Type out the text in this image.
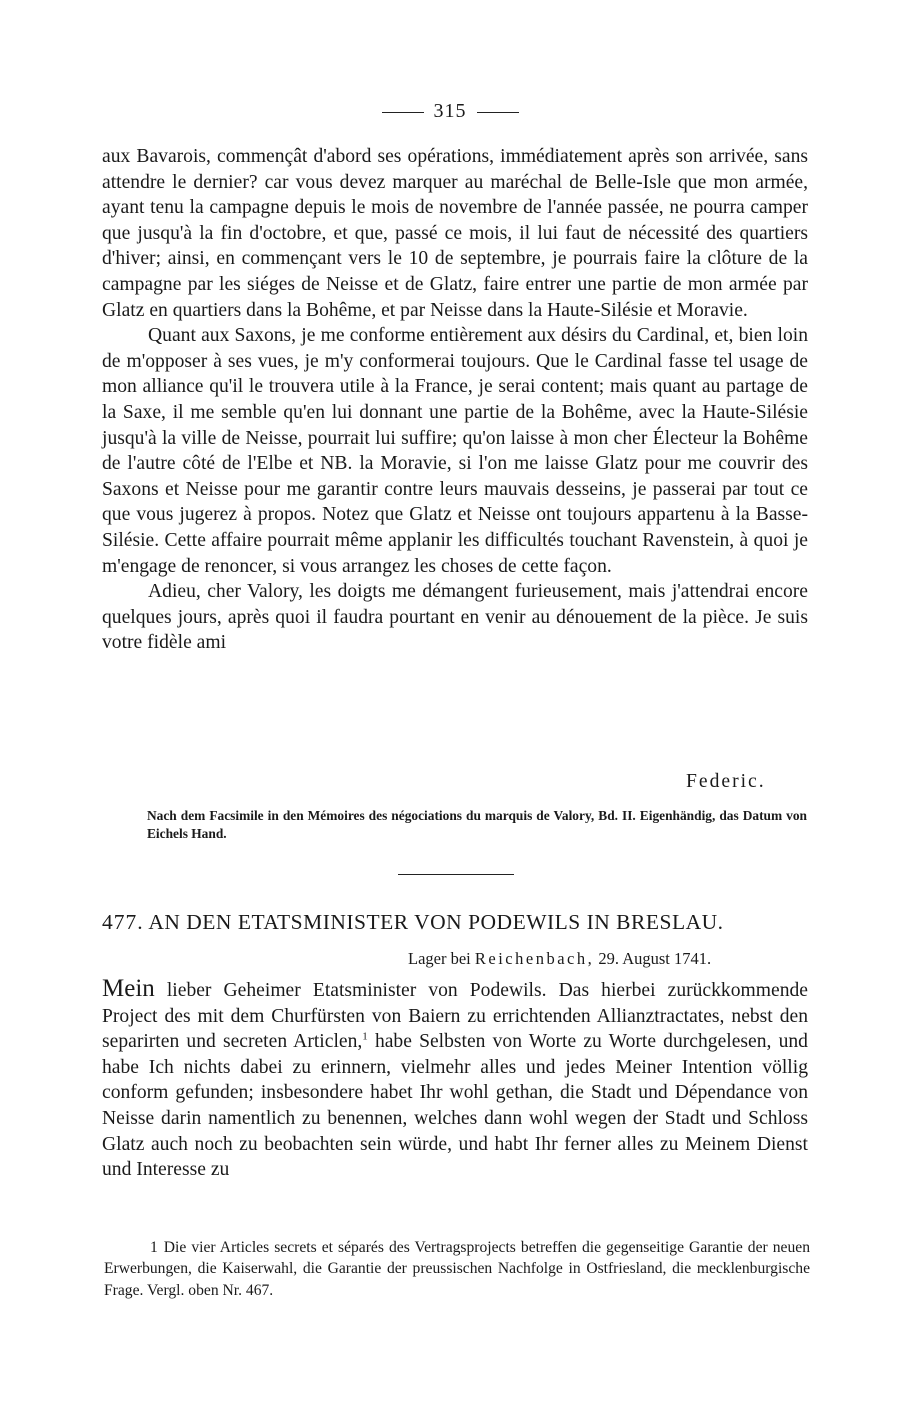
315

aux Bavarois, commençât d'abord ses opérations, immédiatement après son arrivée, sans attendre le dernier? car vous devez marquer au maréchal de Belle-Isle que mon armée, ayant tenu la campagne depuis le mois de novembre de l'année passée, ne pourra camper que jusqu'à la fin d'octobre, et que, passé ce mois, il lui faut de nécessité des quartiers d'hiver; ainsi, en commençant vers le 10 de septembre, je pourrais faire la clôture de la campagne par les siéges de Neisse et de Glatz, faire entrer une partie de mon armée par Glatz en quartiers dans la Bohême, et par Neisse dans la Haute-Silésie et Moravie.

Quant aux Saxons, je me conforme entièrement aux désirs du Cardinal, et, bien loin de m'opposer à ses vues, je m'y conformerai toujours. Que le Cardinal fasse tel usage de mon alliance qu'il le trouvera utile à la France, je serai content; mais quant au partage de la Saxe, il me semble qu'en lui donnant une partie de la Bohême, avec la Haute-Silésie jusqu'à la ville de Neisse, pourrait lui suffire; qu'on laisse à mon cher Électeur la Bohême de l'autre côté de l'Elbe et NB. la Moravie, si l'on me laisse Glatz pour me couvrir des Saxons et Neisse pour me garantir contre leurs mauvais desseins, je passerai par tout ce que vous jugerez à propos. Notez que Glatz et Neisse ont toujours appartenu à la Basse-Silésie. Cette affaire pourrait même applanir les difficultés touchant Ravenstein, à quoi je m'engage de renoncer, si vous arrangez les choses de cette façon.

Adieu, cher Valory, les doigts me démangent furieusement, mais j'attendrai encore quelques jours, après quoi il faudra pourtant en venir au dénouement de la pièce. Je suis votre fidèle ami

Federic.
Nach dem Facsimile in den Mémoires des négociations du marquis de Valory, Bd. II. Eigenhändig, das Datum von Eichels Hand.
477. AN DEN ETATSMINISTER VON PODEWILS IN BRESLAU.
Lager bei Reichenbach, 29. August 1741.

Mein lieber Geheimer Etatsminister von Podewils. Das hierbei zurückkommende Project des mit dem Churfürsten von Baiern zu errichtenden Allianztractates, nebst den separirten und secreten Articlen,$^1$ habe Selbsten von Worte zu Worte durchgelesen, und habe Ich nichts dabei zu erinnern, vielmehr alles und jedes Meiner Intention völlig conform gefunden; insbesondere habet Ihr wohl gethan, die Stadt und Dépendance von Neisse darin namentlich zu benennen, welches dann wohl wegen der Stadt und Schloss Glatz auch noch zu beobachten sein würde, und habt Ihr ferner alles zu Meinem Dienst und Interesse zu

1 Die vier Articles secrets et séparés des Vertragsprojects betreffen die gegenseitige Garantie der neuen Erwerbungen, die Kaiserwahl, die Garantie der preussischen Nachfolge in Ostfriesland, die mecklenburgische Frage. Vergl. oben Nr. 467.
